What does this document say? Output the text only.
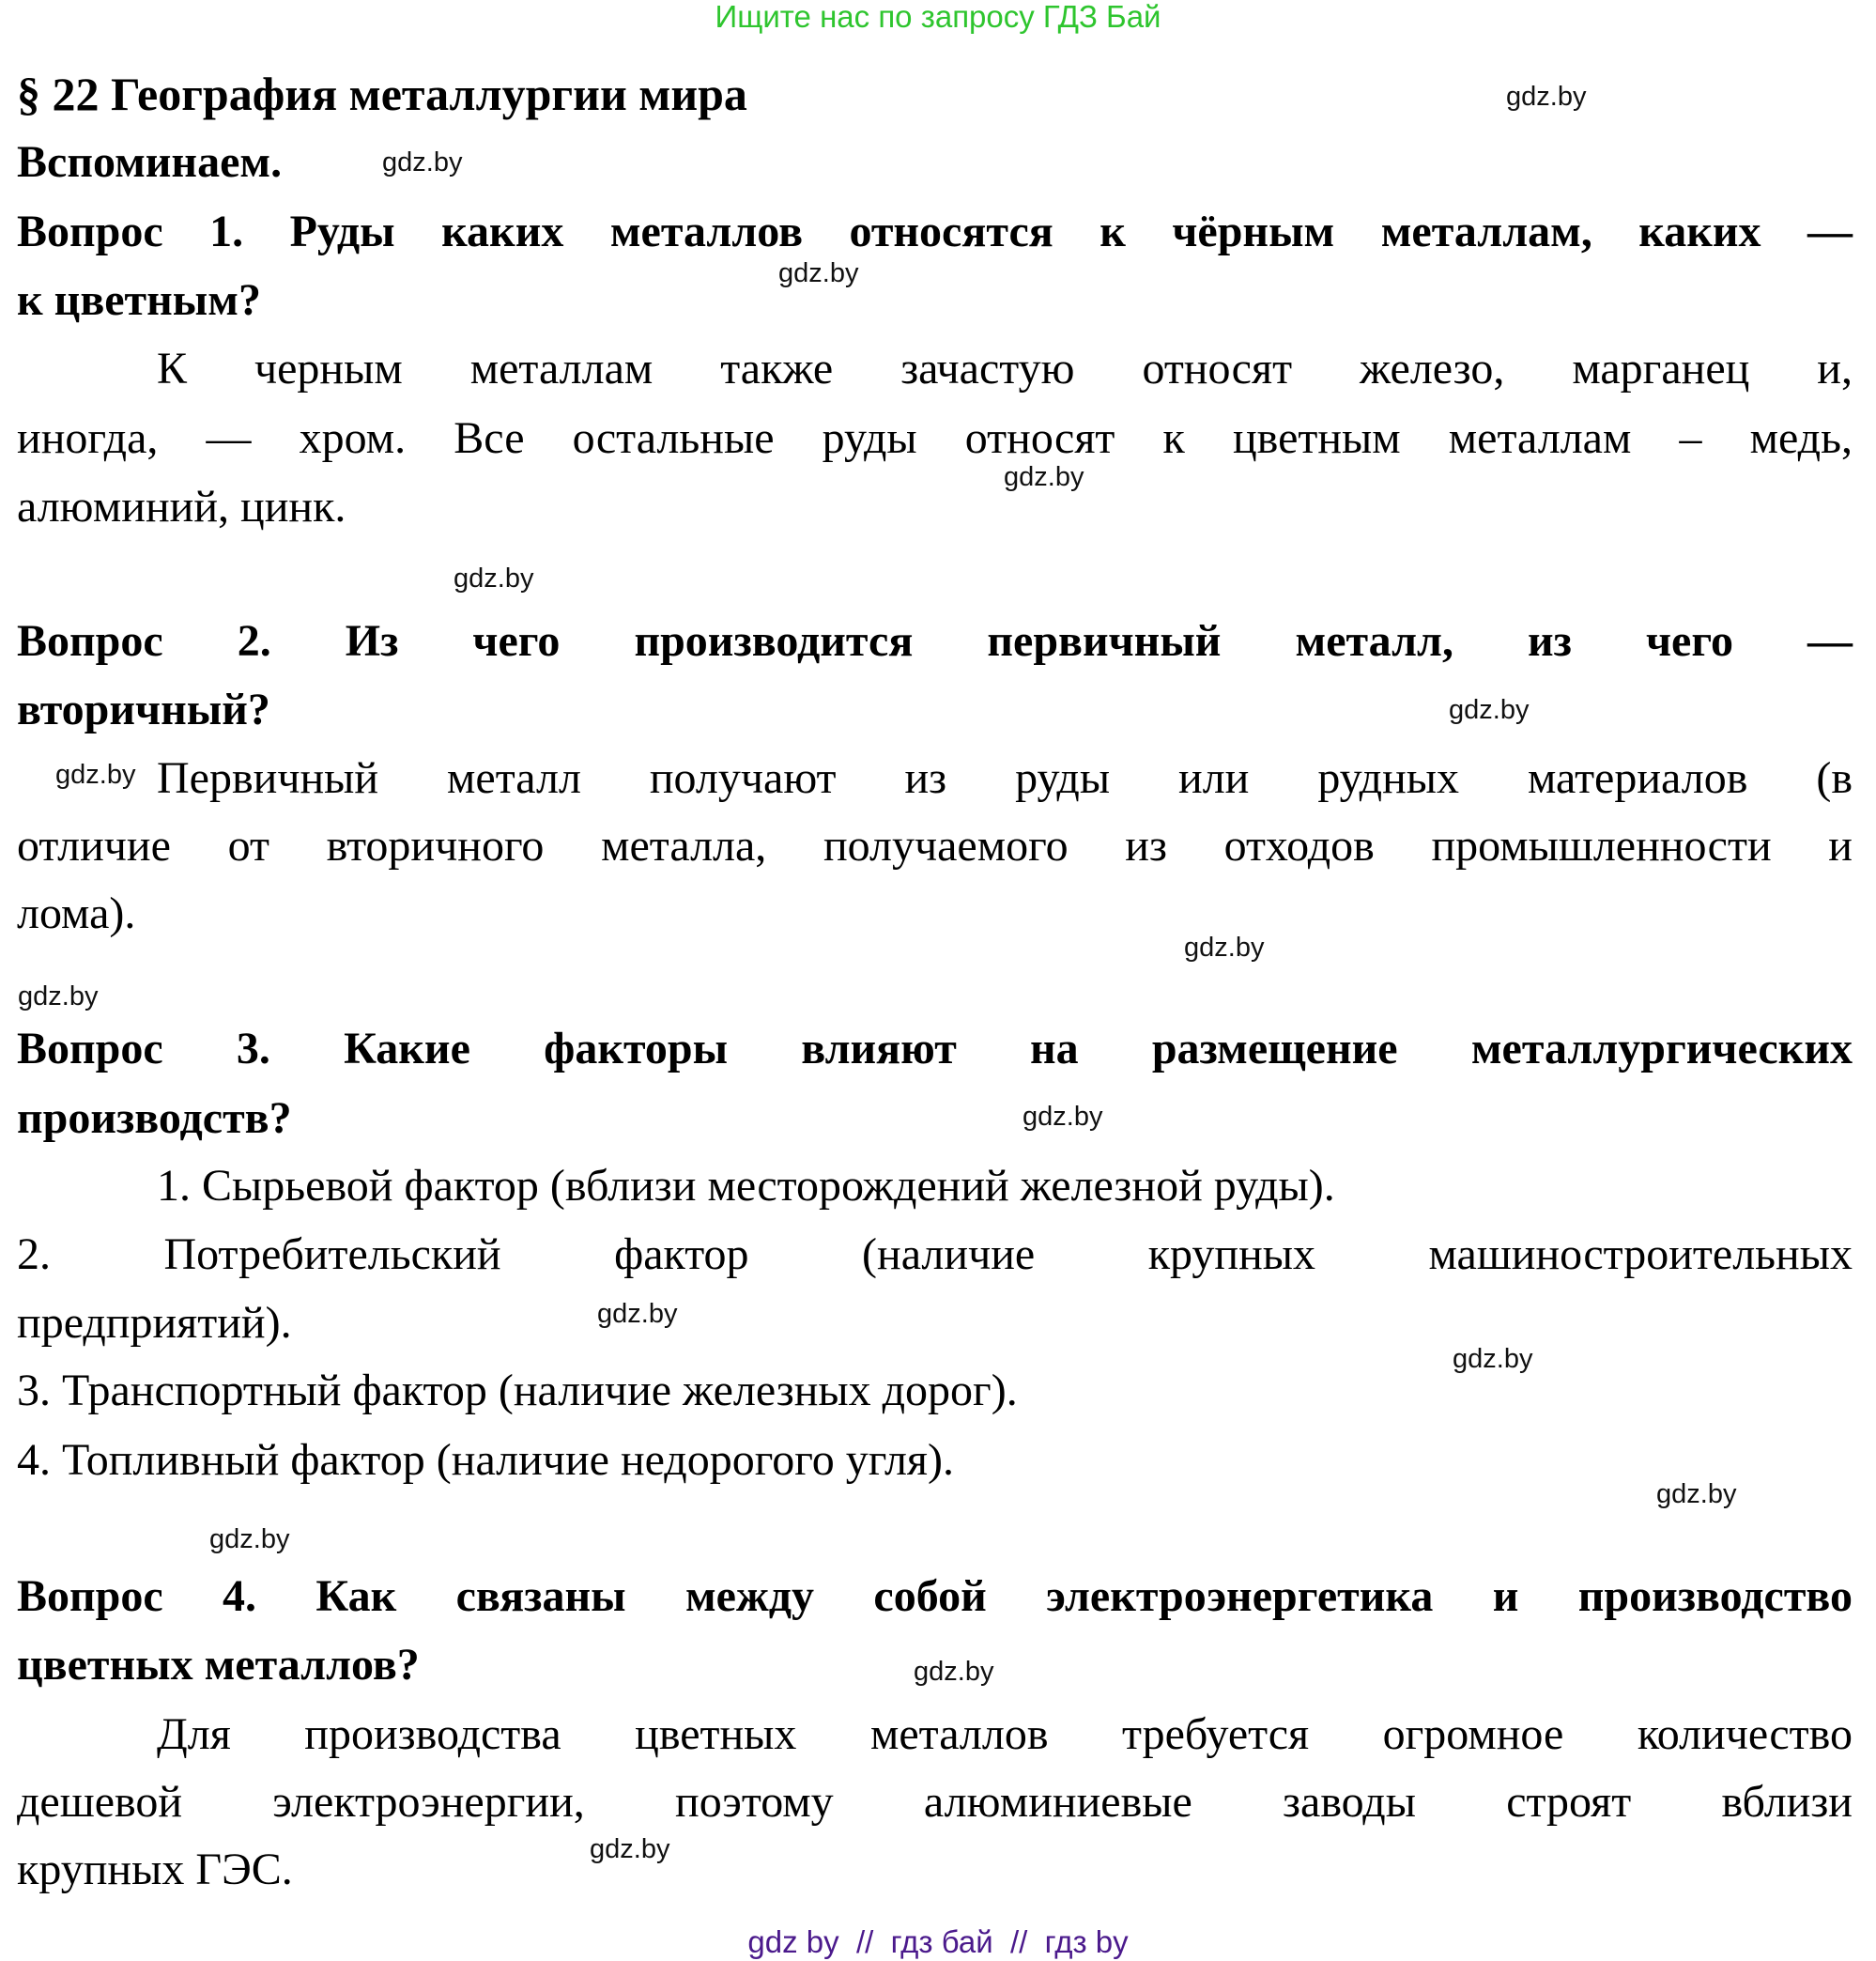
Ищите нас по запросу ГДЗ Бай
§ 22 География металлургии мира
Вспоминаем.
Вопрос 1. Руды каких металлов относятся к чёрным металлам, каких —
к цветным?
К черным металлам также зачастую относят железо, марганец и,
иногда, — хром. Все остальные руды относят к цветным металлам – медь,
алюминий, цинк.
Вопрос 2. Из чего производится первичный металл, из чего —
вторичный?
Первичный металл получают из руды или рудных материалов (в
отличие от вторичного металла, получаемого из отходов промышленности и
лома).
Вопрос 3. Какие факторы влияют на размещение металлургических
производств?
1. Сырьевой фактор (вблизи месторождений железной руды).
2. Потребительский фактор (наличие крупных машиностроительных
предприятий).
3. Транспортный фактор (наличие железных дорог).
4. Топливный фактор (наличие недорогого угля).
Вопрос 4. Как связаны между собой электроэнергетика и производство
цветных металлов?
Для производства цветных металлов требуется огромное количество
дешевой электроэнергии, поэтому алюминиевые заводы строят вблизи
крупных ГЭС.
gdz.by
gdz.by
gdz.by
gdz.by
gdz.by
gdz.by
gdz.by
gdz.by
gdz.by
gdz.by
gdz.by
gdz.by
gdz.by
gdz.by
gdz.by
gdz.by
gdz by  //  гдз бай  //  гдз by
